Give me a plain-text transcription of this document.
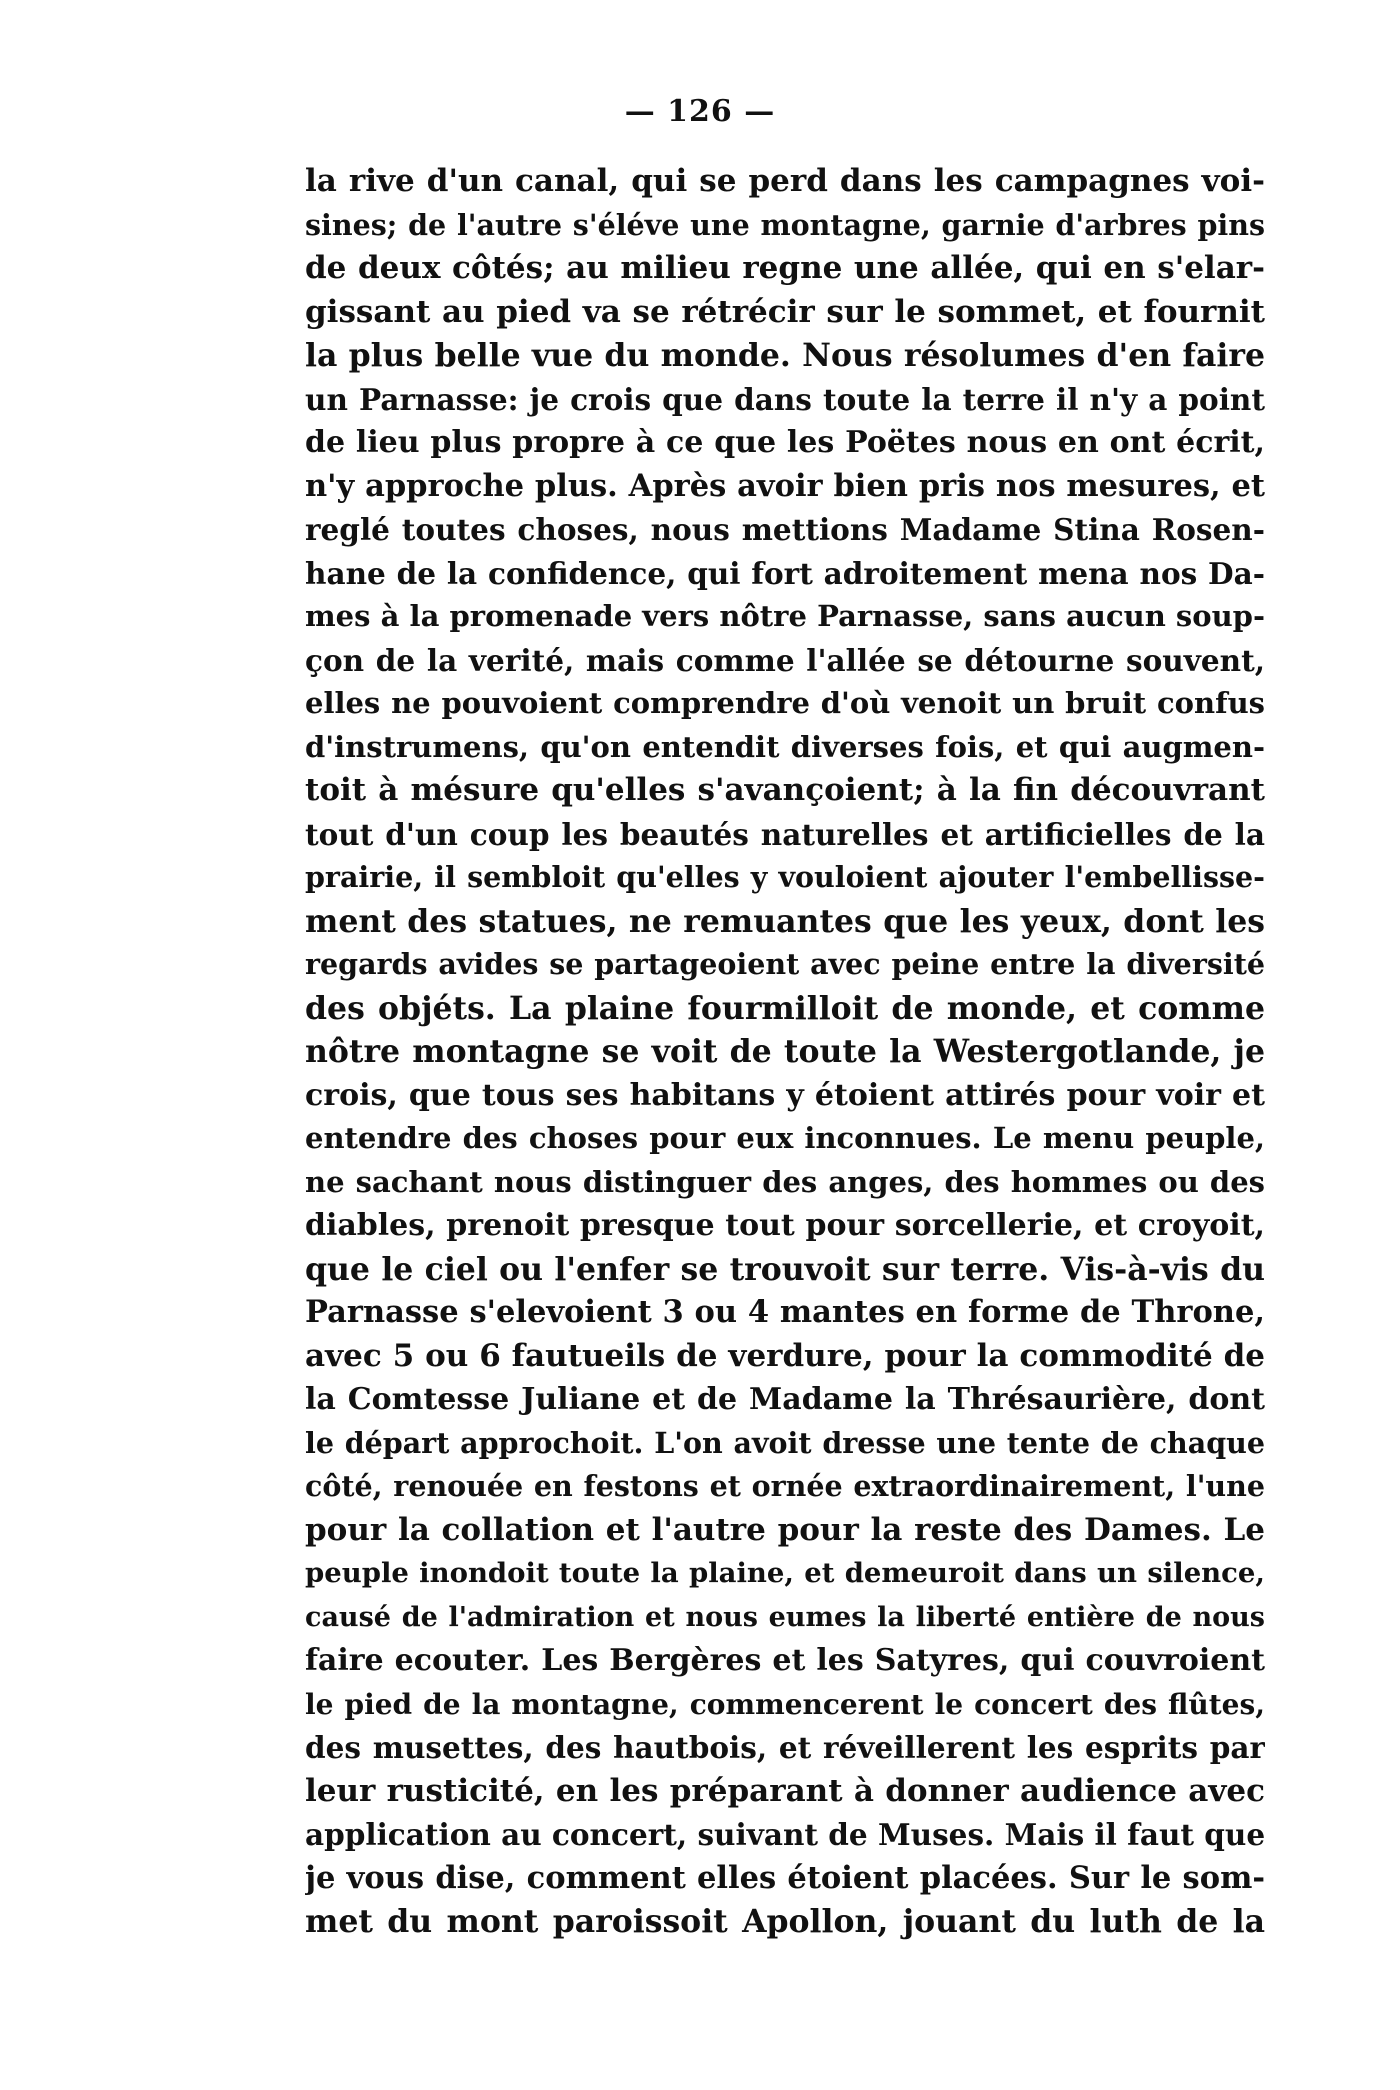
— 126 —
la rive d'un canal, qui se perd dans les campagnes voi-
sines; de l'autre s'éléve une montagne, garnie d'arbres pins
de deux côtés; au milieu regne une allée, qui en s'elar-
gissant au pied va se rétrécir sur le sommet, et fournit
la plus belle vue du monde. Nous résolumes d'en faire
un Parnasse: je crois que dans toute la terre il n'y a point
de lieu plus propre à ce que les Poëtes nous en ont écrit,
n'y approche plus. Après avoir bien pris nos mesures, et
reglé toutes choses, nous mettions Madame Stina Rosen-
hane de la confidence, qui fort adroitement mena nos Da-
mes à la promenade vers nôtre Parnasse, sans aucun soup-
çon de la verité, mais comme l'allée se détourne souvent,
elles ne pouvoient comprendre d'où venoit un bruit confus
d'instrumens, qu'on entendit diverses fois, et qui augmen-
toit à mésure qu'elles s'avançoient; à la fin découvrant
tout d'un coup les beautés naturelles et artificielles de la
prairie, il sembloit qu'elles y vouloient ajouter l'embellisse-
ment des statues, ne remuantes que les yeux, dont les
regards avides se partageoient avec peine entre la diversité
des objéts. La plaine fourmilloit de monde, et comme
nôtre montagne se voit de toute la Westergotlande, je
crois, que tous ses habitans y étoient attirés pour voir et
entendre des choses pour eux inconnues. Le menu peuple,
ne sachant nous distinguer des anges, des hommes ou des
diables, prenoit presque tout pour sorcellerie, et croyoit,
que le ciel ou l'enfer se trouvoit sur terre. Vis-à-vis du
Parnasse s'elevoient 3 ou 4 mantes en forme de Throne,
avec 5 ou 6 fautueils de verdure, pour la commodité de
la Comtesse Juliane et de Madame la Thrésaurière, dont
le départ approchoit. L'on avoit dresse une tente de chaque
côté, renouée en festons et ornée extraordinairement, l'une
pour la collation et l'autre pour la reste des Dames. Le
peuple inondoit toute la plaine, et demeuroit dans un silence,
causé de l'admiration et nous eumes la liberté entière de nous
faire ecouter. Les Bergères et les Satyres, qui couvroient
le pied de la montagne, commencerent le concert des flûtes,
des musettes, des hautbois, et réveillerent les esprits par
leur rusticité, en les préparant à donner audience avec
application au concert, suivant de Muses. Mais il faut que
je vous dise, comment elles étoient placées. Sur le som-
met du mont paroissoit Apollon, jouant du luth de la
